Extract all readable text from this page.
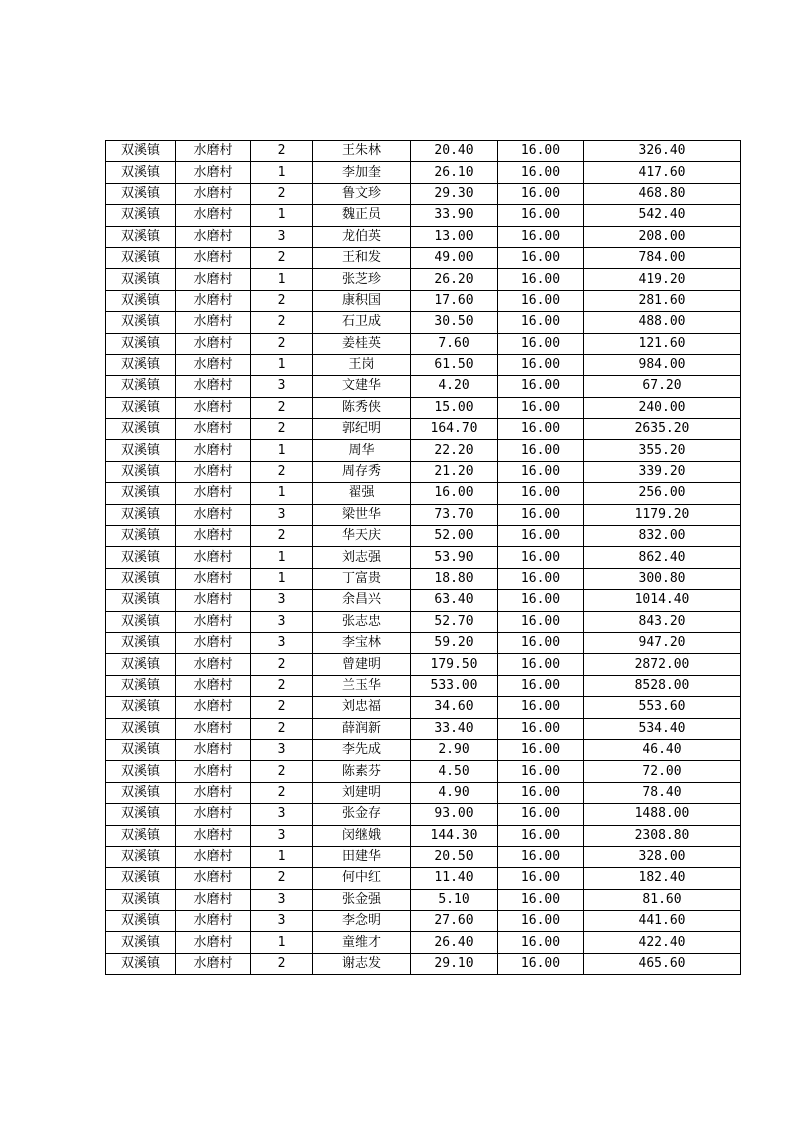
双溪镇	水磨村	2	王朱林	20.40	16.00	326.40
双溪镇	水磨村	1	李加奎	26.10	16.00	417.60
双溪镇	水磨村	2	鲁文珍	29.30	16.00	468.80
双溪镇	水磨村	1	魏正员	33.90	16.00	542.40
双溪镇	水磨村	3	龙伯英	13.00	16.00	208.00
双溪镇	水磨村	2	王和发	49.00	16.00	784.00
双溪镇	水磨村	1	张芝珍	26.20	16.00	419.20
双溪镇	水磨村	2	康积国	17.60	16.00	281.60
双溪镇	水磨村	2	石卫成	30.50	16.00	488.00
双溪镇	水磨村	2	姜桂英	7.60	16.00	121.60
双溪镇	水磨村	1	王岗	61.50	16.00	984.00
双溪镇	水磨村	3	文建华	4.20	16.00	67.20
双溪镇	水磨村	2	陈秀侠	15.00	16.00	240.00
双溪镇	水磨村	2	郭纪明	164.70	16.00	2635.20
双溪镇	水磨村	1	周华	22.20	16.00	355.20
双溪镇	水磨村	2	周存秀	21.20	16.00	339.20
双溪镇	水磨村	1	翟强	16.00	16.00	256.00
双溪镇	水磨村	3	梁世华	73.70	16.00	1179.20
双溪镇	水磨村	2	华天庆	52.00	16.00	832.00
双溪镇	水磨村	1	刘志强	53.90	16.00	862.40
双溪镇	水磨村	1	丁富贵	18.80	16.00	300.80
双溪镇	水磨村	3	余昌兴	63.40	16.00	1014.40
双溪镇	水磨村	3	张志忠	52.70	16.00	843.20
双溪镇	水磨村	3	李宝林	59.20	16.00	947.20
双溪镇	水磨村	2	曾建明	179.50	16.00	2872.00
双溪镇	水磨村	2	兰玉华	533.00	16.00	8528.00
双溪镇	水磨村	2	刘忠福	34.60	16.00	553.60
双溪镇	水磨村	2	薛润新	33.40	16.00	534.40
双溪镇	水磨村	3	李先成	2.90	16.00	46.40
双溪镇	水磨村	2	陈素芬	4.50	16.00	72.00
双溪镇	水磨村	2	刘建明	4.90	16.00	78.40
双溪镇	水磨村	3	张金存	93.00	16.00	1488.00
双溪镇	水磨村	3	闵继娥	144.30	16.00	2308.80
双溪镇	水磨村	1	田建华	20.50	16.00	328.00
双溪镇	水磨村	2	何中红	11.40	16.00	182.40
双溪镇	水磨村	3	张金强	5.10	16.00	81.60
双溪镇	水磨村	3	李念明	27.60	16.00	441.60
双溪镇	水磨村	1	童维才	26.40	16.00	422.40
双溪镇	水磨村	2	谢志发	29.10	16.00	465.60
